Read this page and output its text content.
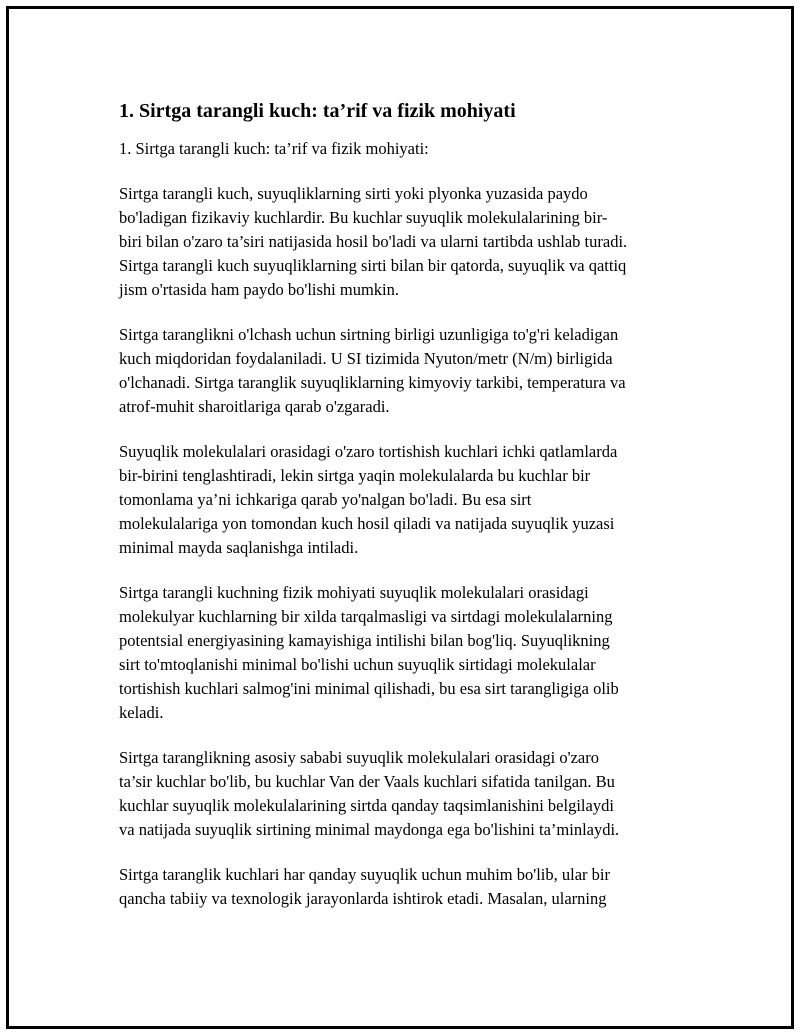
1. Sirtga tarangli kuch: ta’rif va fizik mohiyati

1. Sirtga tarangli kuch: ta’rif va fizik mohiyati:

Sirtga tarangli kuch, suyuqliklarning sirti yoki plyonka yuzasida paydo
bo'ladigan fizikaviy kuchlardir. Bu kuchlar suyuqlik molekulalarining bir-
biri bilan o'zaro ta’siri natijasida hosil bo'ladi va ularni tartibda ushlab turadi.
Sirtga tarangli kuch suyuqliklarning sirti bilan bir qatorda, suyuqlik va qattiq
jism o'rtasida ham paydo bo'lishi mumkin.

Sirtga taranglikni o'lchash uchun sirtning birligi uzunligiga to'g'ri keladigan
kuch miqdoridan foydalaniladi. U SI tizimida Nyuton/metr (N/m) birligida
o'lchanadi. Sirtga taranglik suyuqliklarning kimyoviy tarkibi, temperatura va
atrof-muhit sharoitlariga qarab o'zgaradi.

Suyuqlik molekulalari orasidagi o'zaro tortishish kuchlari ichki qatlamlarda
bir-birini tenglashtiradi, lekin sirtga yaqin molekulalarda bu kuchlar bir
tomonlama ya’ni ichkariga qarab yo'nalgan bo'ladi. Bu esa sirt
molekulalariga yon tomondan kuch hosil qiladi va natijada suyuqlik yuzasi
minimal mayda saqlanishga intiladi.

Sirtga tarangli kuchning fizik mohiyati suyuqlik molekulalari orasidagi
molekulyar kuchlarning bir xilda tarqalmasligi va sirtdagi molekulalarning
potentsial energiyasining kamayishiga intilishi bilan bog'liq. Suyuqlikning
sirt to'mtoqlanishi minimal bo'lishi uchun suyuqlik sirtidagi molekulalar
tortishish kuchlari salmog'ini minimal qilishadi, bu esa sirt tarangligiga olib
keladi.

Sirtga taranglikning asosiy sababi suyuqlik molekulalari orasidagi o'zaro
ta’sir kuchlar bo'lib, bu kuchlar Van der Vaals kuchlari sifatida tanilgan. Bu
kuchlar suyuqlik molekulalarining sirtda qanday taqsimlanishini belgilaydi
va natijada suyuqlik sirtining minimal maydonga ega bo'lishini ta’minlaydi.

Sirtga taranglik kuchlari har qanday suyuqlik uchun muhim bo'lib, ular bir
qancha tabiiy va texnologik jarayonlarda ishtirok etadi. Masalan, ularning
